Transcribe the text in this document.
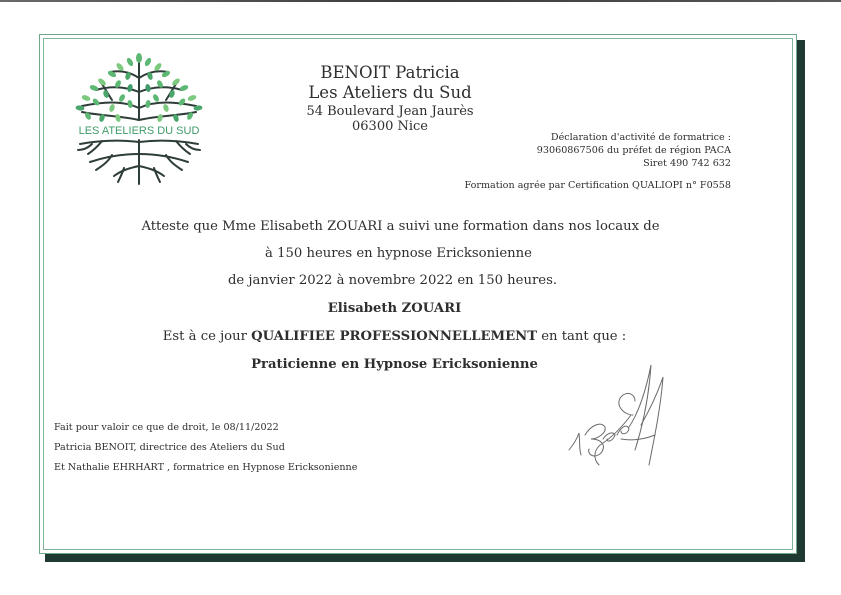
LES ATELIERS DU SUD
BENOIT Patricia
Les Ateliers du Sud
54 Boulevard Jean Jaurès
06300 Nice
Déclaration d'activité de formatrice :
93060867506 du préfet de région PACA
Siret 490 742 632
Formation agrée par Certification QUALIOPI n° F0558
Atteste que Mme Elisabeth ZOUARI a suivi une formation dans nos locaux de
à 150 heures en hypnose Ericksonienne
de janvier 2022 à novembre 2022 en 150 heures.
Elisabeth ZOUARI
Est à ce jour QUALIFIEE PROFESSIONNELLEMENT en tant que :
Praticienne en Hypnose Ericksonienne
Fait pour valoir ce que de droit, le 08/11/2022
Patricia BENOIT, directrice des Ateliers du Sud
Et Nathalie EHRHART , formatrice en Hypnose Ericksonienne
